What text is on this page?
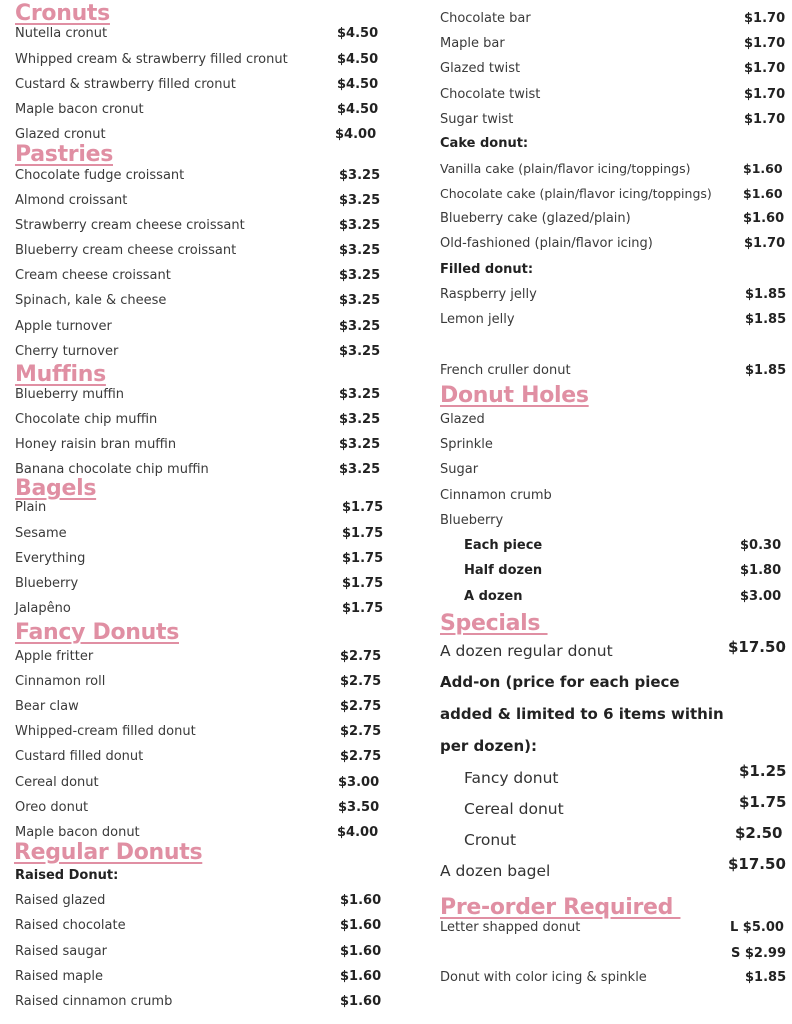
Cronuts
Nutella cronut	$4.50
Whipped cream & strawberry filled cronut	$4.50
Custard & strawberry filled cronut	$4.50
Maple bacon cronut	$4.50
Glazed cronut	$4.00
Pastries
Chocolate fudge croissant	$3.25
Almond croissant	$3.25
Strawberry cream cheese croissant	$3.25
Blueberry cream cheese croissant	$3.25
Cream cheese croissant	$3.25
Spinach, kale & cheese	$3.25
Apple turnover	$3.25
Cherry turnover	$3.25
Muffins
Blueberry muffin	$3.25
Chocolate chip muffin	$3.25
Honey raisin bran muffin	$3.25
Banana chocolate chip muffin	$3.25
Bagels
Plain	$1.75
Sesame	$1.75
Everything	$1.75
Blueberry	$1.75
Jalapêno	$1.75
Fancy Donuts
Apple fritter	$2.75
Cinnamon roll	$2.75
Bear claw	$2.75
Whipped-cream filled donut	$2.75
Custard filled donut	$2.75
Cereal donut	$3.00
Oreo donut	$3.50
Maple bacon donut	$4.00
Regular Donuts
Raised Donut:
Raised glazed	$1.60
Raised chocolate	$1.60
Raised saugar	$1.60
Raised maple	$1.60
Raised cinnamon crumb	$1.60
Chocolate bar	$1.70
Maple bar	$1.70
Glazed twist	$1.70
Chocolate twist	$1.70
Sugar twist	$1.70
Cake donut:
Vanilla cake (plain/flavor icing/toppings)	$1.60
Chocolate cake (plain/flavor icing/toppings) $1.60
Blueberry cake (glazed/plain)	$1.60
Old-fashioned (plain/flavor icing)	$1.70
Filled donut:
Raspberry jelly	$1.85
Lemon jelly	$1.85
French cruller donut	$1.85
Donut Holes
Glazed
Sprinkle
Sugar
Cinnamon crumb
Blueberry
Each piece	$0.30
Half dozen	$1.80
A dozen	$3.00
Specials
A dozen regular donut	$17.50
Add-on (price for each piece
added & limited to 6 items within
per dozen):
Fancy donut	$1.25
Cereal donut	$1.75
Cronut	$2.50
A dozen bagel	$17.50
Pre-order Required
Letter shapped donut	L $5.00
S $2.99
Donut with color icing & spinkle	$1.85
